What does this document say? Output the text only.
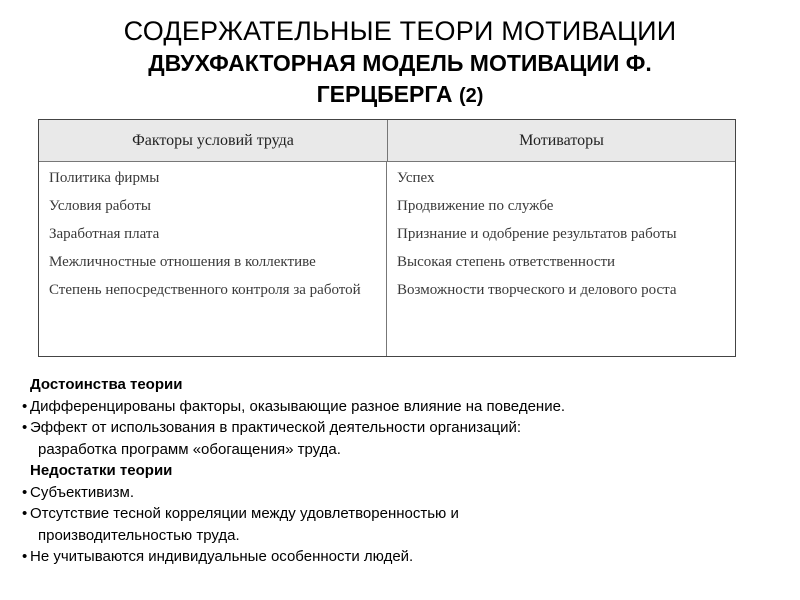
СОДЕРЖАТЕЛЬНЫЕ ТЕОРИ МОТИВАЦИИ
ДВУХФАКТОРНАЯ МОДЕЛЬ МОТИВАЦИИ Ф.
ГЕРЦБЕРГА (2)
Факторы условий труда	Мотиваторы
Политика фирмы
Условия работы
Заработная плата
Межличностные отношения в коллективе
Степень непосредственного контроля за работой
Успех
Продвижение по службе
Признание и одобрение результатов работы
Высокая степень ответственности
Возможности творческого и делового роста
Достоинства теории
• Дифференцированы факторы, оказывающие разное влияние на поведение.
• Эффект от использования в практической деятельности организаций:
разработка программ «обогащения» труда.
Недостатки теории
• Субъективизм.
• Отсутствие тесной корреляции между удовлетворенностью и
производительностью труда.
• Не учитываются индивидуальные особенности людей.
